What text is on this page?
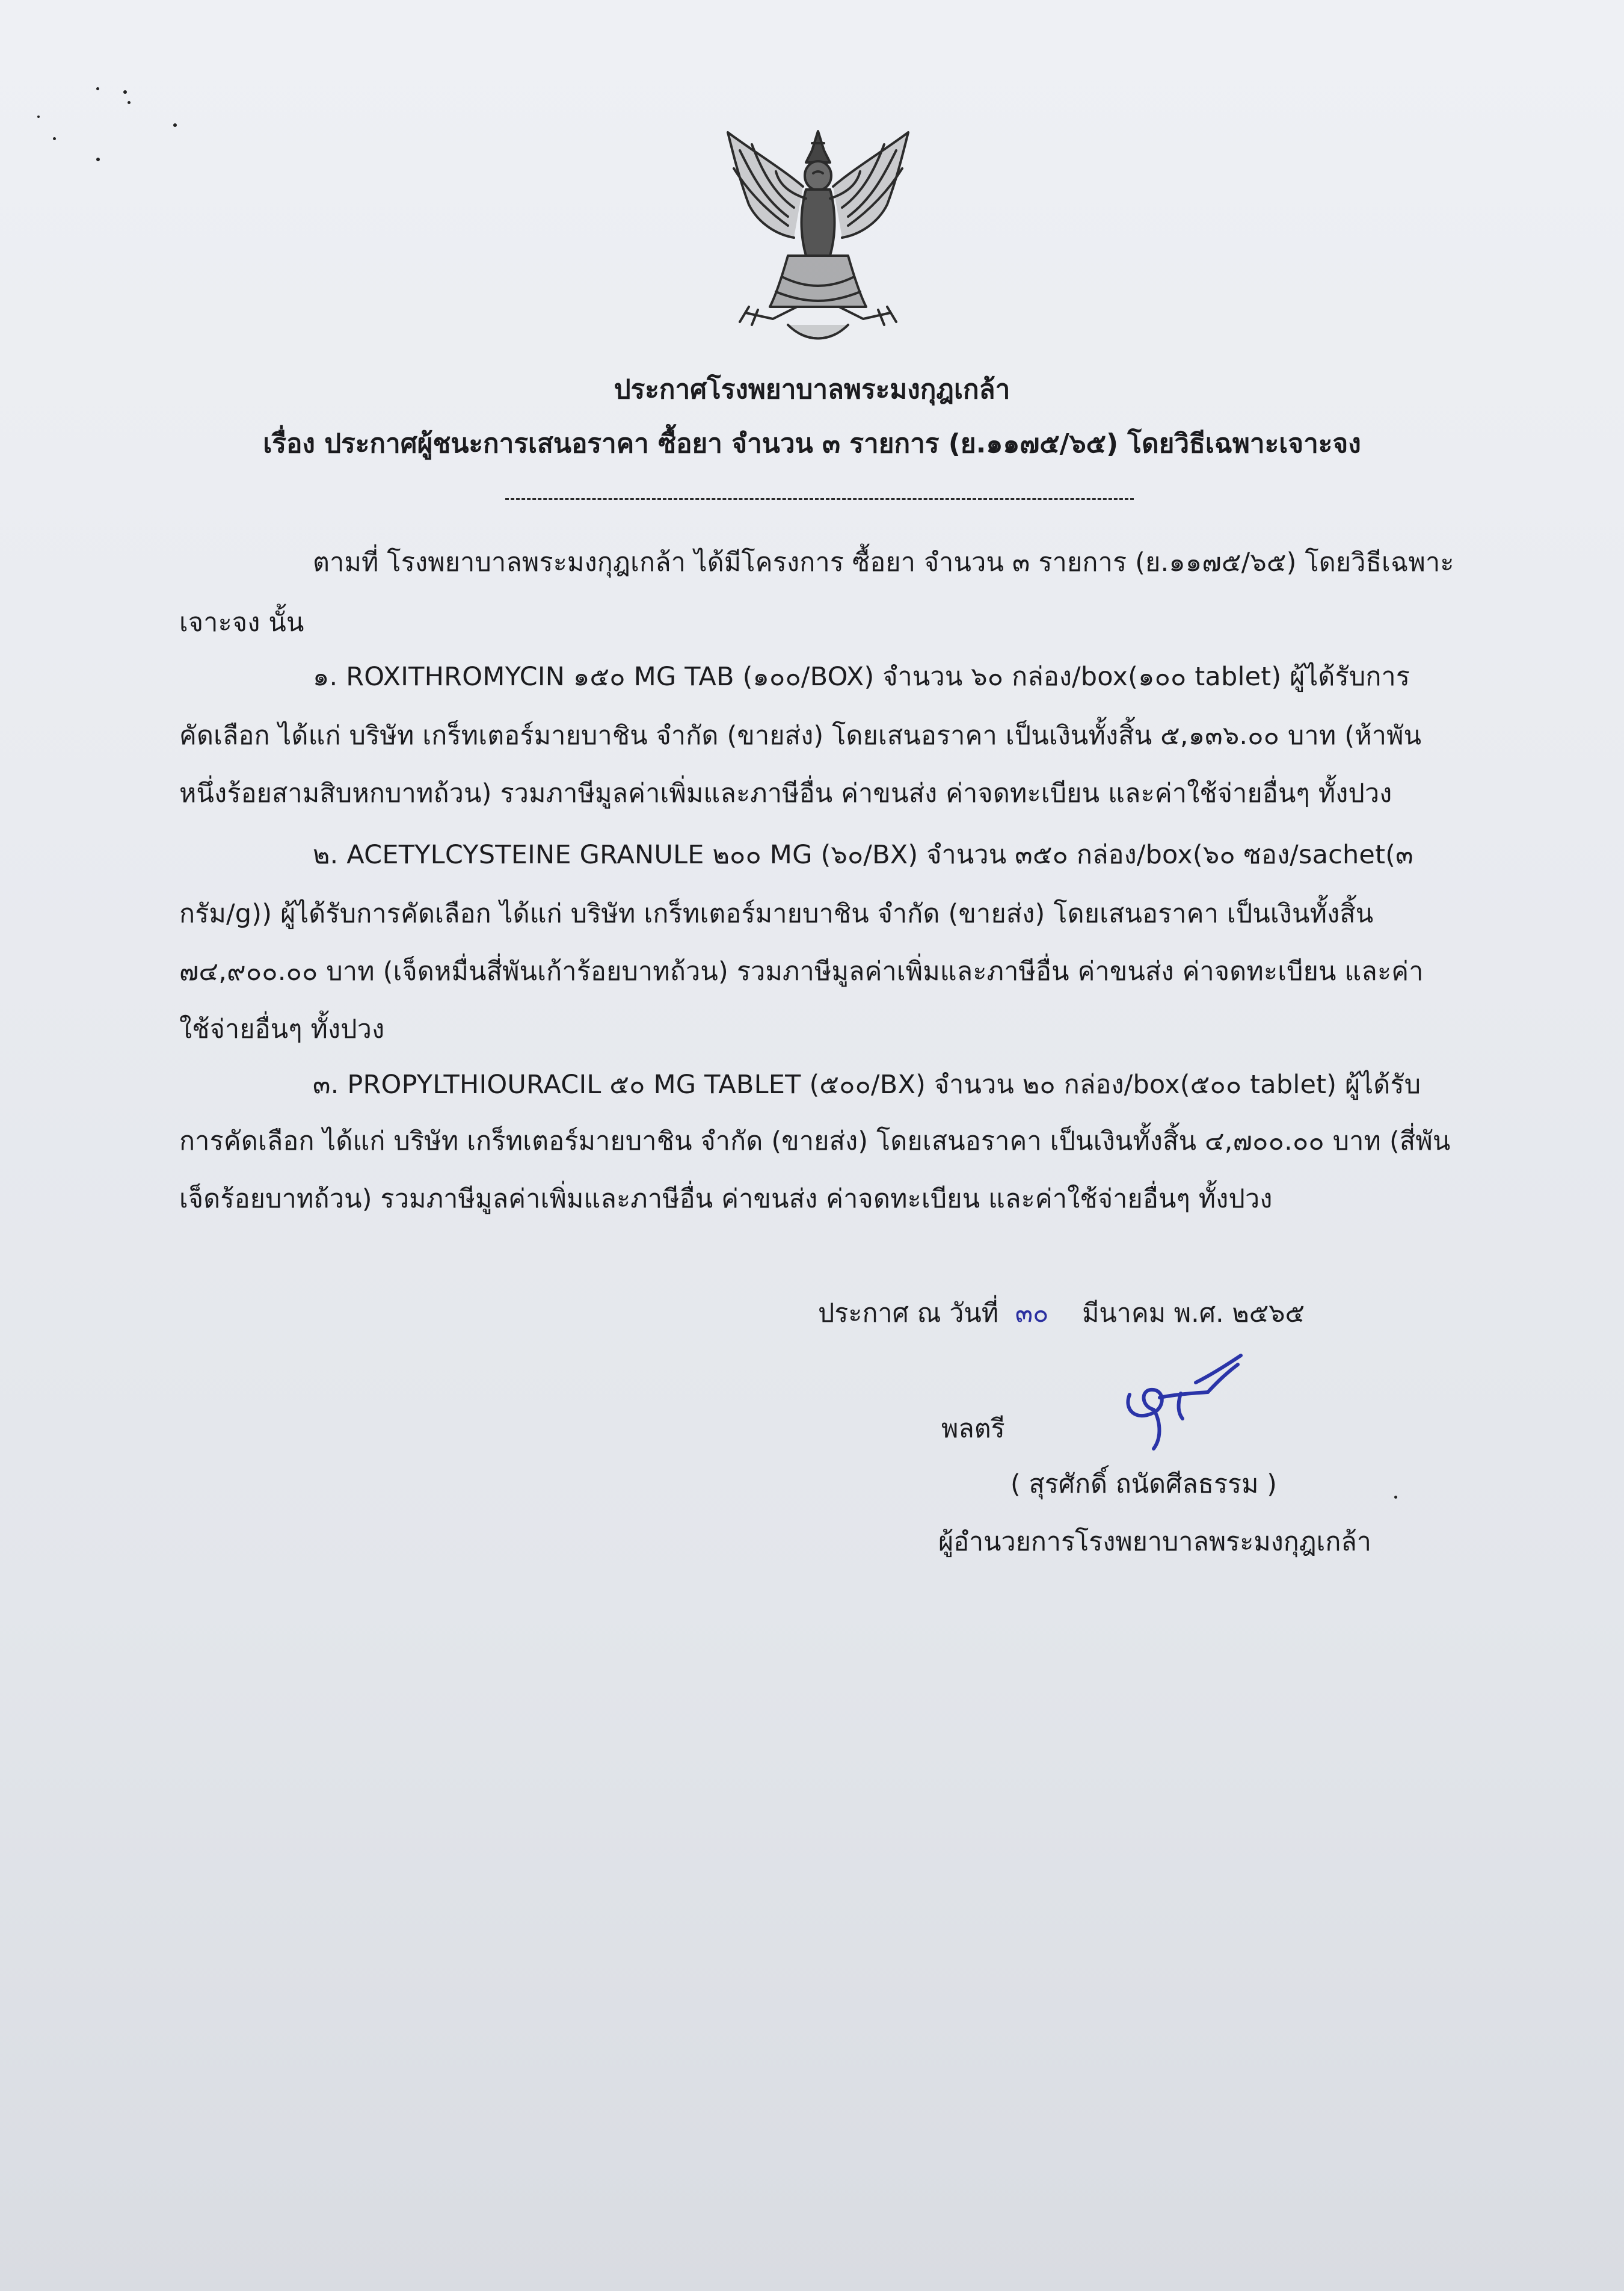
ประกาศโรงพยาบาลพระมงกุฎเกล้า
เรื่อง ประกาศผู้ชนะการเสนอราคา ซื้อยา จำนวน ๓ รายการ (ย.๑๑๗๕/๖๕) โดยวิธีเฉพาะเจาะจง
ตามที่ โรงพยาบาลพระมงกุฎเกล้า ได้มีโครงการ ซื้อยา จำนวน ๓ รายการ (ย.๑๑๗๕/๖๕) โดยวิธีเฉพาะ
เจาะจง นั้น
๑. ROXITHROMYCIN ๑๕๐ MG TAB (๑๐๐/BOX) จำนวน ๖๐ กล่อง/box(๑๐๐ tablet) ผู้ได้รับการ
คัดเลือก ได้แก่ บริษัท เกร็ทเตอร์มายบาชิน จำกัด (ขายส่ง) โดยเสนอราคา เป็นเงินทั้งสิ้น ๕,๑๓๖.๐๐ บาท (ห้าพัน
หนึ่งร้อยสามสิบหกบาทถ้วน) รวมภาษีมูลค่าเพิ่มและภาษีอื่น ค่าขนส่ง ค่าจดทะเบียน และค่าใช้จ่ายอื่นๆ ทั้งปวง
๒. ACETYLCYSTEINE GRANULE ๒๐๐ MG (๖๐/BX) จำนวน ๓๕๐ กล่อง/box(๖๐ ซอง/sachet(๓
กรัม/g)) ผู้ได้รับการคัดเลือก ได้แก่ บริษัท เกร็ทเตอร์มายบาชิน จำกัด (ขายส่ง) โดยเสนอราคา เป็นเงินทั้งสิ้น
๗๔,๙๐๐.๐๐ บาท (เจ็ดหมื่นสี่พันเก้าร้อยบาทถ้วน) รวมภาษีมูลค่าเพิ่มและภาษีอื่น ค่าขนส่ง ค่าจดทะเบียน และค่า
ใช้จ่ายอื่นๆ ทั้งปวง
๓. PROPYLTHIOURACIL ๕๐ MG TABLET (๕๐๐/BX) จำนวน ๒๐ กล่อง/box(๕๐๐ tablet) ผู้ได้รับ
การคัดเลือก ได้แก่ บริษัท เกร็ทเตอร์มายบาชิน จำกัด (ขายส่ง) โดยเสนอราคา เป็นเงินทั้งสิ้น ๔,๗๐๐.๐๐ บาท (สี่พัน
เจ็ดร้อยบาทถ้วน) รวมภาษีมูลค่าเพิ่มและภาษีอื่น ค่าขนส่ง ค่าจดทะเบียน และค่าใช้จ่ายอื่นๆ ทั้งปวง
ประกาศ ณ วันที่ ๓๐ มีนาคม พ.ศ. ๒๕๖๕
พลตรี
( สุรศักดิ์ ถนัดศีลธรรม )
ผู้อำนวยการโรงพยาบาลพระมงกุฎเกล้า
